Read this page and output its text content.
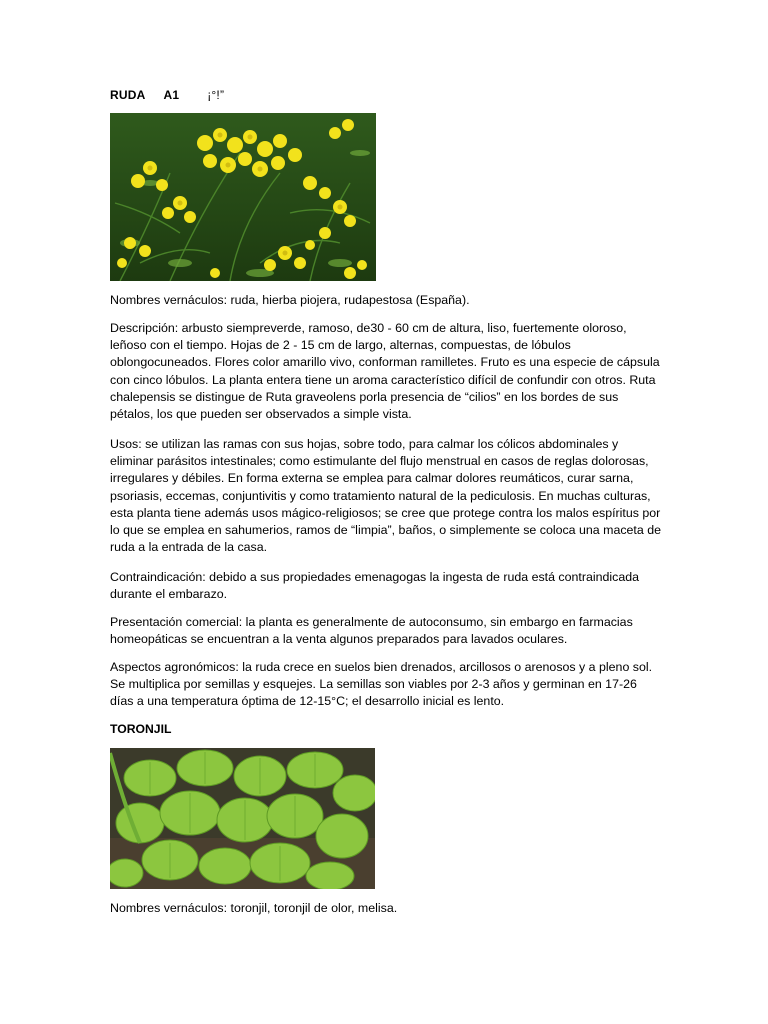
RUDA A1 ¡°!”

Nombres vernáculos: ruda, hierba piojera, rudapestosa (España).

Descripción: arbusto siempreverde, ramoso, de30 - 60 cm de altura, liso, fuertemente oloroso, leñoso con el tiempo. Hojas de 2 - 15 cm de largo, alternas, compuestas, de lóbulos oblongocuneados. Flores color amarillo vivo, conforman ramilletes. Fruto es una especie de cápsula con cinco lóbulos. La planta entera tiene un aroma característico difícil de confundir con otros. Ruta chalepensis se distingue de Ruta graveolens porla presencia de “cilios” en los bordes de sus pétalos, los que pueden ser observados a simple vista.

Usos: se utilizan las ramas con sus hojas, sobre todo, para calmar los cólicos abdominales y eliminar parásitos intestinales; como estimulante del flujo menstrual en casos de reglas dolorosas, irregulares y débiles. En forma externa se emplea para calmar dolores reumáticos, curar sarna, psoriasis, eccemas, conjuntivitis y como tratamiento natural de la pediculosis. En muchas culturas, esta planta tiene además usos mágico-religiosos; se cree que protege contra los malos espíritus por lo que se emplea en sahumerios, ramos de “limpia”, baños, o simplemente se coloca una maceta de ruda a la entrada de la casa.

Contraindicación: debido a sus propiedades emenagogas la ingesta de ruda está contraindicada durante el embarazo.

Presentación comercial: la planta es generalmente de autoconsumo, sin embargo en farmacias homeopáticas se encuentran a la venta algunos preparados para lavados oculares.

Aspectos agronómicos: la ruda crece en suelos bien drenados, arcillosos o arenosos y a pleno sol. Se multiplica por semillas y esquejes. La semillas son viables por 2-3 años y germinan en 17-26 días a una temperatura óptima de 12-15°C; el desarrollo inicial es lento.

TORONJIL

Nombres vernáculos: toronjil, toronjil de olor, melisa.
